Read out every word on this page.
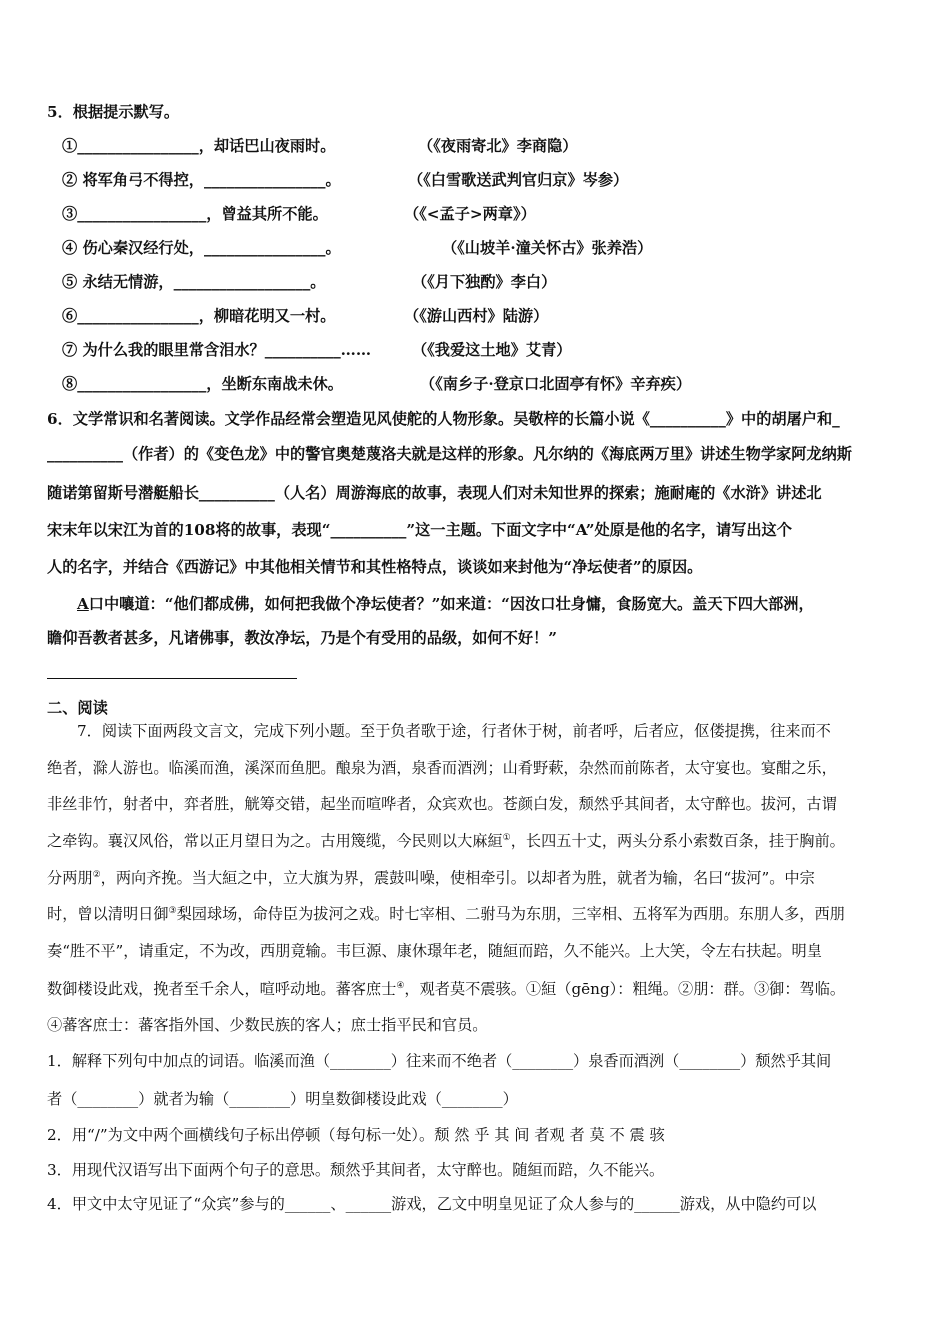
5．根据提示默写。
①________________，却话巴山夜雨时。	（《夜雨寄北》李商隐）
② 将军角弓不得控，________________。	（《白雪歌送武判官归京》岑参）
③_________________，曾益其所不能。	（《<孟子>两章》）
④ 伤心秦汉经行处，________________。	（《山坡羊·潼关怀古》张养浩）
⑤ 永结无情游，__________________。	（《月下独酌》李白）
⑥________________，柳暗花明又一村。	（《游山西村》陆游）
⑦ 为什么我的眼里常含泪水？__________……	（《我爱这土地》艾青）
⑧_________________，坐断东南战未休。	（《南乡子·登京口北固亭有怀》辛弃疾）
6．文学常识和名著阅读。文学作品经常会塑造见风使舵的人物形象。吴敬梓的长篇小说《__________》中的胡屠户和_
__________（作者）的《变色龙》中的警官奥楚蔑洛夫就是这样的形象。凡尔纳的《海底两万里》讲述生物学家阿龙纳斯
随诺第留斯号潜艇船长__________（人名）周游海底的故事，表现人们对未知世界的探索；施耐庵的《水浒》讲述北
宋末年以宋江为首的108将的故事，表现“__________”这一主题。下面文字中“A”处原是他的名字，请写出这个
人的名字，并结合《西游记》中其他相关情节和其性格特点，谈谈如来封他为“净坛使者”的原因。
A口中嚷道：“他们都成佛，如何把我做个净坛使者？”如来道：“因汝口壮身慵，食肠宽大。盖天下四大部洲，
瞻仰吾教者甚多，凡诸佛事，教汝净坛，乃是个有受用的品级，如何不好！”
二、阅读
7．阅读下面两段文言文，完成下列小题。至于负者歌于途，行者休于树，前者呼，后者应，伛偻提携，往来而不
绝者，滁人游也。临溪而渔，溪深而鱼肥。酿泉为酒，泉香而酒洌；山肴野蔌，杂然而前陈者，太守宴也。宴酣之乐，
非丝非竹，射者中，弈者胜，觥筹交错，起坐而喧哗者，众宾欢也。苍颜白发，颓然乎其间者，太守醉也。拔河，古谓
之牵钩。襄汉风俗，常以正月望日为之。古用篾缆，今民则以大麻絙①，长四五十丈，两头分系小索数百条，挂于胸前。
分两朋②，两向齐挽。当大絙之中，立大旗为界，震鼓叫噪，使相牵引。以却者为胜，就者为输，名曰“拔河”。中宗
时，曾以清明日御③梨园球场，命侍臣为拔河之戏。时七宰相、二驸马为东朋，三宰相、五将军为西朋。东朋人多，西朋
奏“胜不平”，请重定，不为改，西朋竟输。韦巨源、康休璟年老，随絙而踣，久不能兴。上大笑，令左右扶起。明皇
数御楼设此戏，挽者至千余人，喧呼动地。蕃客庶士④，观者莫不震骇。①絙（gēng）：粗绳。②朋：群。③御：驾临。
④蕃客庶士：蕃客指外国、少数民族的客人；庶士指平民和官员。
1．解释下列句中加点的词语。临溪而渔（________）往来而不绝者（________）泉香而酒洌（________）颓然乎其间
者（________）就者为输（________）明皇数御楼设此戏（________）
2．用“/”为文中两个画横线句子标出停顿（每句标一处）。颓 然 乎 其 间 者观 者 莫 不 震 骇
3．用现代汉语写出下面两个句子的意思。颓然乎其间者，太守醉也。随絙而踣，久不能兴。
4．甲文中太守见证了“众宾”参与的______、______游戏，乙文中明皇见证了众人参与的______游戏，从中隐约可以
